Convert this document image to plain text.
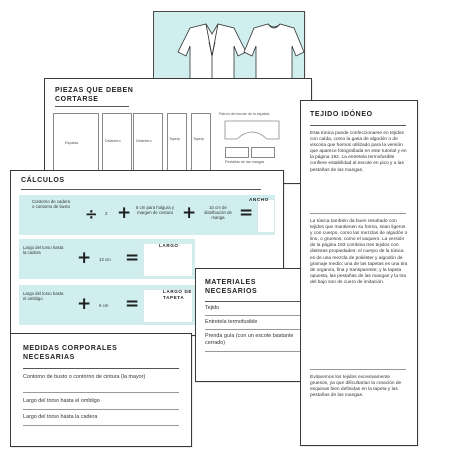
PIEZAS QUE DEBEN
CORTARSE
Espalda	Delantero	Delantero	Tapeta	Tapeta
Patrón del escote de la espalda
Pestañas de las mangas
CÁLCULOS
Contorno de cadera o contorno de busto ÷ 2 +	8 cm para holgura y margen de costura +	10 cm de distribución de manga =
ANCHO
Largo del torso hasta la cadera	+ 13 cm =
LARGO
Largo del torso hasta el ombligo	+ 6 cm =
LARGO DE
TAPETA
MATERIALES
NECESARIOS
Tejido
Entretela termofusible
Prenda guía (con un escote bastante cerrado)
MEDIDAS CORPORALES
NECESARIAS
Contorno de busto o contorno de cintura (la mayor)
Largo del torso hasta el ombligo
Largo del torso hasta la cadera
TEJIDO IDÓNEO
Esta túnica puede confeccionarse en tejidos con caída, como la gasa de algodón o de viscosa que hemos utilizado para la versión que aparece fotografiada en este tutorial y en la página 192. La entretela termofusible confiere estabilidad al escote en pico y a las pestañas de las mangas.
La túnica también da buen resultado con tejidos que mantienen su forma, sean ligeros y con cuerpo, como las mezclas de algodón o lino, o gruesos, como el vaquero. La versión de la página 193 combina tres tejidos con distintas propiedades: el cuerpo de la túnica es de una mezcla de poliéster y algodón de gramaje medio; una de las tapetas es una tira de organza, fina y transparente; y la tapeta opuesta, las pestañas de las mangas y la tira del bajo son de cuero de imitación.
Evitaremos los tejidos excesivamente gruesos, ya que dificultarían la creación de esquinas bien definidas en la tapeta y las pestañas de las mangas.
